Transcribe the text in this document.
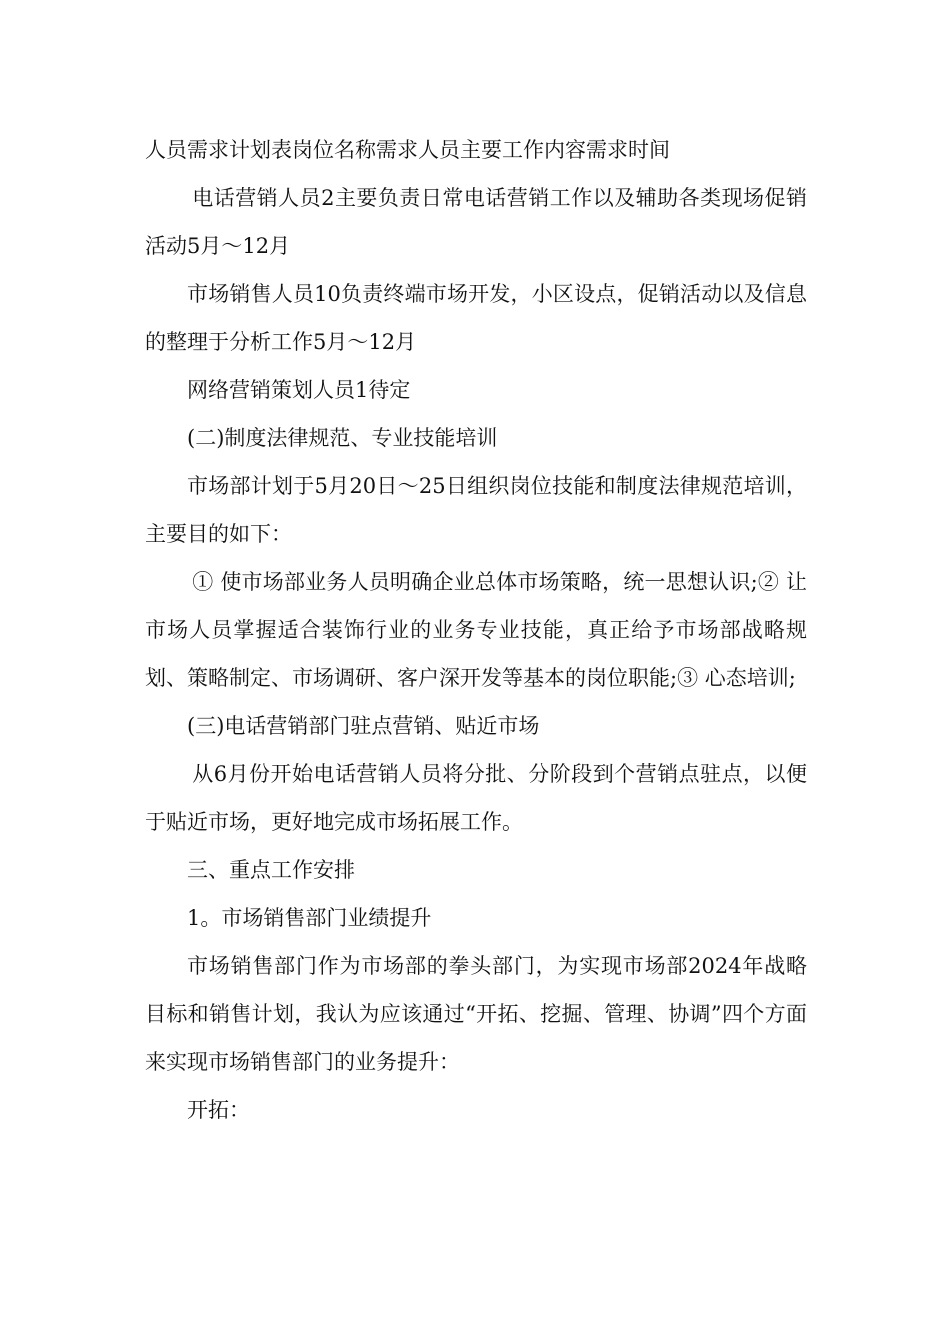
人员需求计划表岗位名称需求人员主要工作内容需求时间

电话营销人员2主要负责日常电话营销工作以及辅助各类现场促销活动5月～12月

市场销售人员10负责终端市场开发，小区设点，促销活动以及信息的整理于分析工作5月～12月

网络营销策划人员1待定

(二)制度法律规范、专业技能培训

市场部计划于5月20日～25日组织岗位技能和制度法律规范培训，主要目的如下：

① 使市场部业务人员明确企业总体市场策略，统一思想认识;② 让市场人员掌握适合装饰行业的业务专业技能，真正给予市场部战略规划、策略制定、市场调研、客户深开发等基本的岗位职能;③ 心态培训;

(三)电话营销部门驻点营销、贴近市场

从6月份开始电话营销人员将分批、分阶段到个营销点驻点，以便于贴近市场，更好地完成市场拓展工作。

三、重点工作安排

1。市场销售部门业绩提升

市场销售部门作为市场部的拳头部门，为实现市场部2024年战略目标和销售计划，我认为应该通过“开拓、挖掘、管理、协调”四个方面来实现市场销售部门的业务提升：

开拓：
